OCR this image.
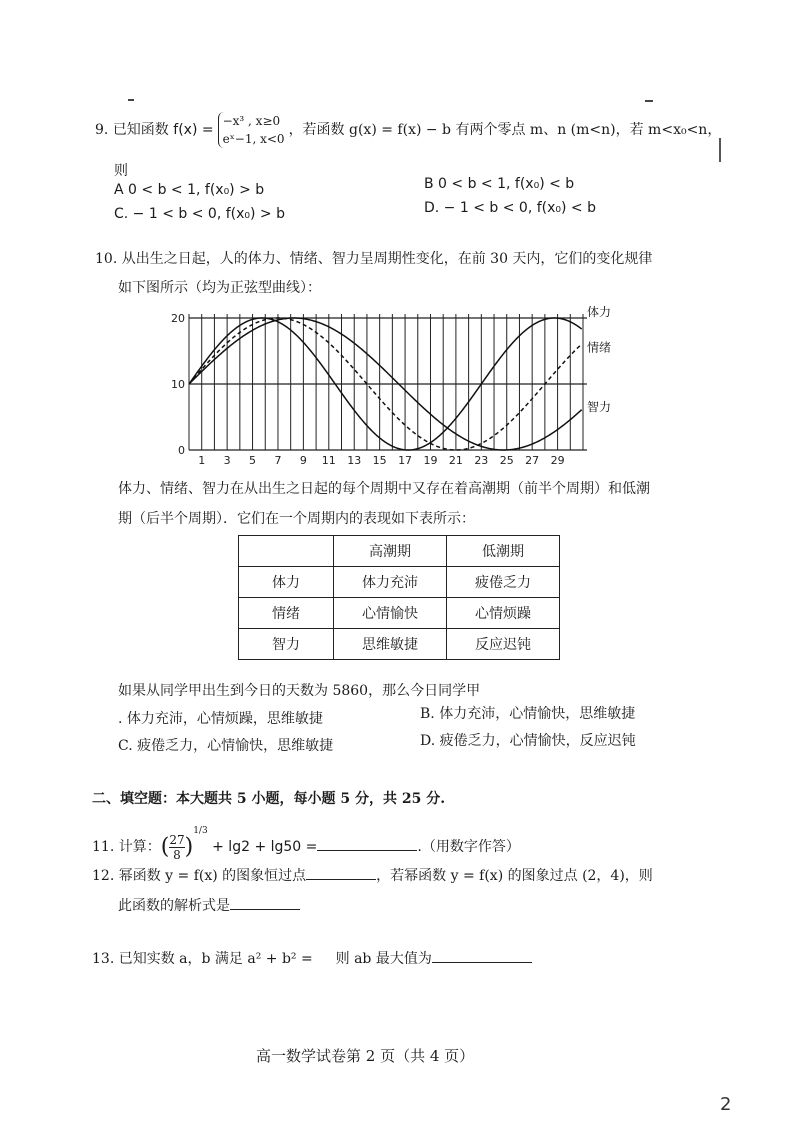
9. 已知函数 f(x) =−x³ , x≥0
eˣ−1, x<0，若函数 g(x) = f(x) − b 有两个零点 m、n (m<n)，若 m<x₀<n，
则
A 0 < b < 1, f(x₀) > b	B 0 < b < 1, f(x₀) < b
C. − 1 < b < 0, f(x₀) > b	D. − 1 < b < 0, f(x₀) < b
10. 从出生之日起，人的体力、情绪、智力呈周期性变化，在前 30 天内，它们的变化规律
如下图所示（均为正弦型曲线）：
0
10
20
1 3 5 7 9 11 13 15 17 19 21 23 25 27 29
体力
情绪
智力
体力、情绪、智力在从出生之日起的每个周期中又存在着高潮期（前半个周期）和低潮
期（后半个周期）．它们在一个周期内的表现如下表所示：
	高潮期	低潮期
体力	体力充沛	疲倦乏力
情绪	心情愉快	心情烦躁
智力	思维敏捷	反应迟钝
如果从同学甲出生到今日的天数为 5860，那么今日同学甲
. 体力充沛，心情烦躁，思维敏捷	B. 体力充沛，心情愉快，思维敏捷
C. 疲倦乏力，心情愉快，思维敏捷	D. 疲倦乏力，心情愉快，反应迟钝
二、填空题：本大题共 5 小题，每小题 5 分，共 25 分.
11. 计算：( $\frac{27}{8} )^{1/3} + \lg 2 + \lg 50$ =	.（用数字作答）
12. 幂函数 y = f(x) 的图象恒过点	，若幂函数 y = f(x) 的图象过点 (2，4)，则
此函数的解析式是
13. 已知实数 a，b 满足 a² + b² = 则 ab 最大值为
高一数学试卷第 2 页（共 4 页）
2
